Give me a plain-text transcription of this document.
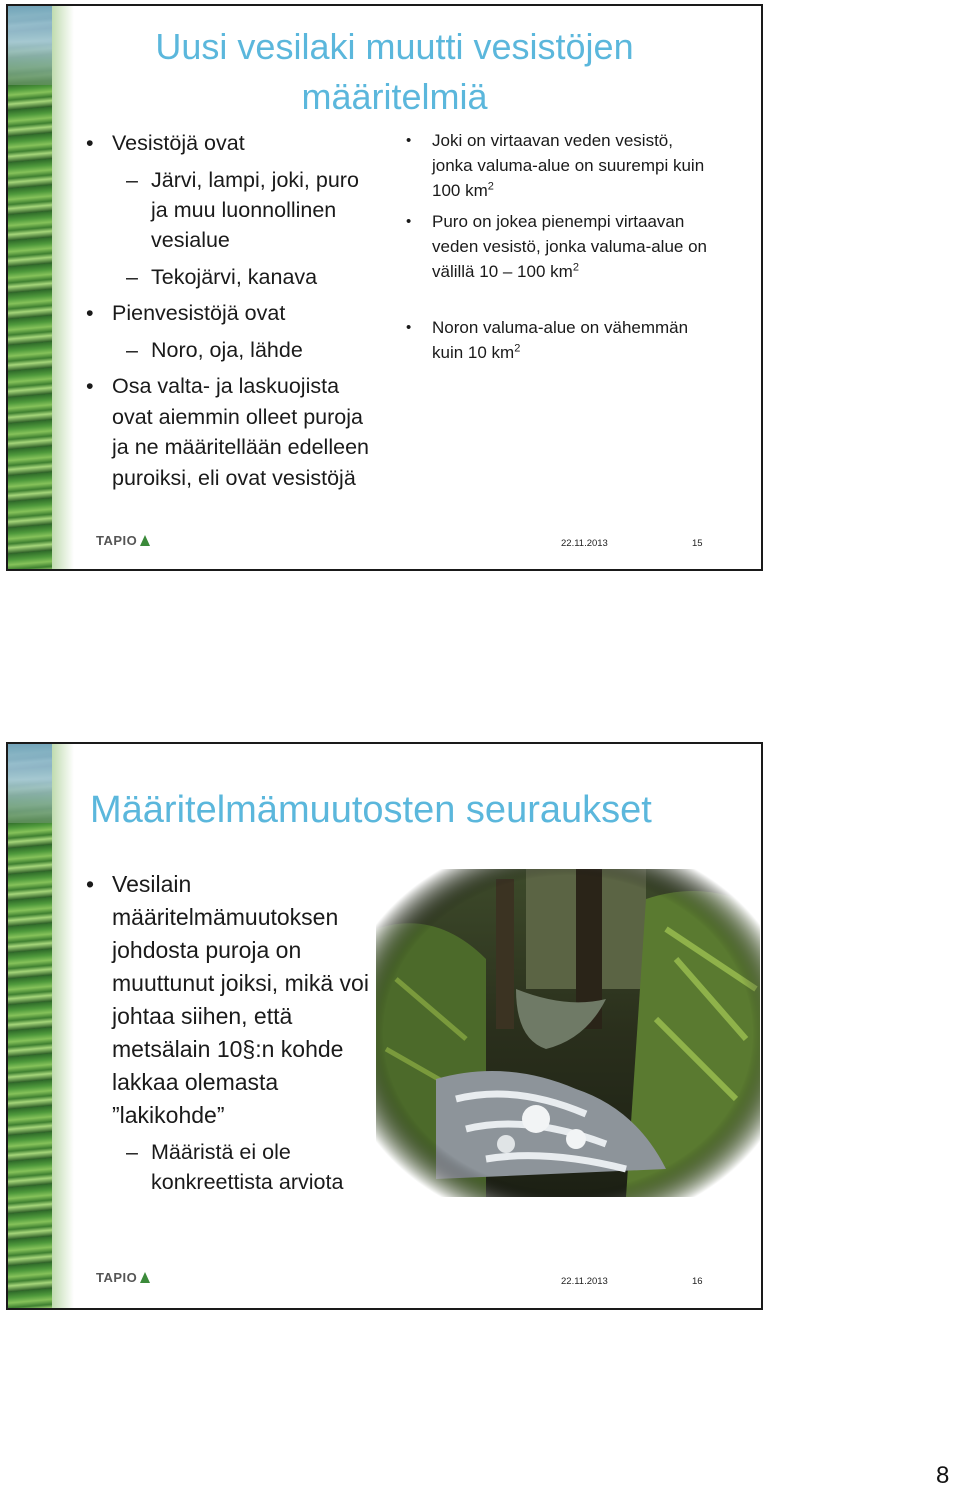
Uusi vesilaki muutti vesistöjen määritelmiä
• Vesistöjä ovat
– Järvi, lampi, joki, puro ja muu luonnollinen vesialue
– Tekojärvi, kanava
• Pienvesistöjä ovat
– Noro, oja, lähde
• Osa valta- ja laskuojista ovat aiemmin olleet puroja ja ne määritellään edelleen puroiksi, eli ovat vesistöjä
• Joki on virtaavan veden vesistö, jonka valuma-alue on suurempi kuin 100 $km^2$
• Puro on jokea pienempi virtaavan veden vesistö, jonka valuma-alue on välillä 10 – 100 $km^2$
• Noron valuma-alue on vähemmän kuin 10 $km^2$
TAPIO	22.11.2013	15
Määritelmämuutosten seuraukset
• Vesilain määritelmämuutoksen johdosta puroja on muuttunut joiksi, mikä voi johtaa siihen, että metsälain 10§:n kohde lakkaa olemasta ”lakikohde”
– Määristä ei ole konkreettista arviota
TAPIO	22.11.2013	16
8
